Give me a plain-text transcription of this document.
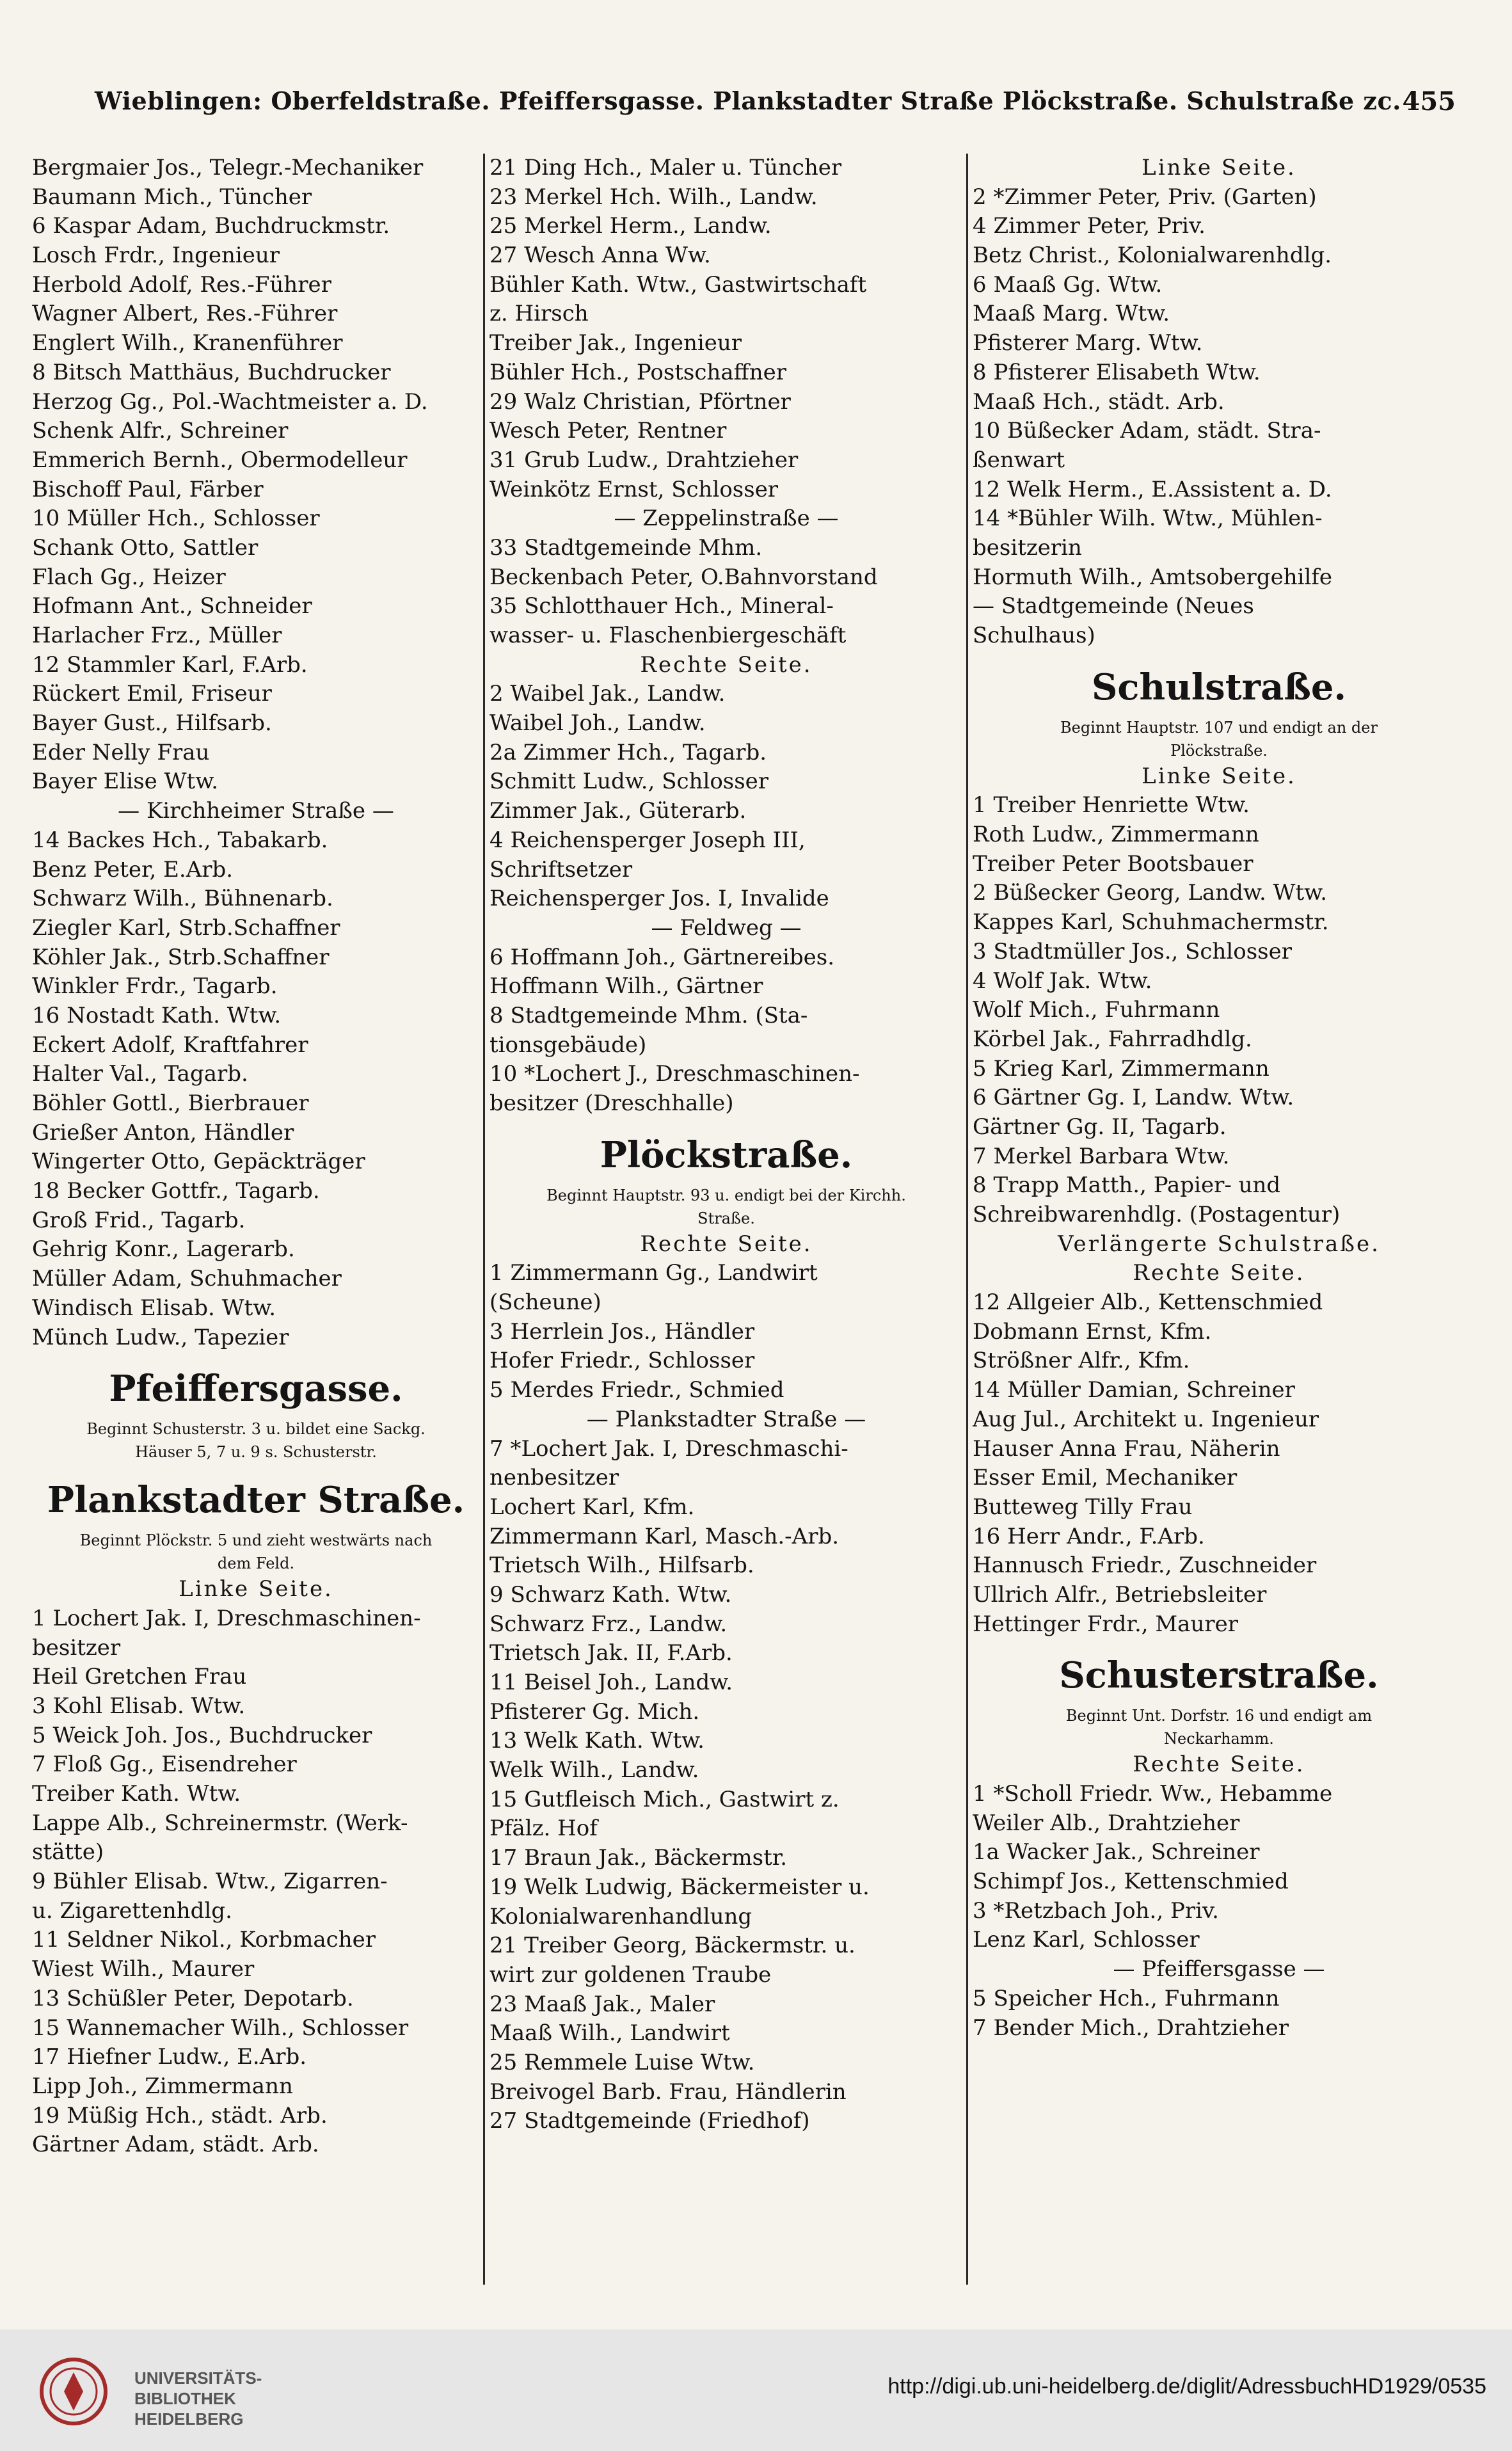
Wieblingen: Oberfeldstraße. Pfeiffersgasse. Plankstadter Straße Plöckstraße. Schulstraße zc. 455
Bergmaier Jos., Telegr.-Mechaniker
Baumann Mich., Tüncher
6 Kaspar Adam, Buchdruckmstr.
Losch Frdr., Ingenieur
Herbold Adolf, Res.-Führer
Wagner Albert, Res.-Führer
Englert Wilh., Kranenführer
8 Bitsch Matthäus, Buchdrucker
Herzog Gg., Pol.-Wachtmeister a. D.
Schenk Alfr., Schreiner
Emmerich Bernh., Obermodelleur
Bischoff Paul, Färber
10 Müller Hch., Schlosser
Schank Otto, Sattler
Flach Gg., Heizer
Hofmann Ant., Schneider
Harlacher Frz., Müller
12 Stammler Karl, F.Arb.
Rückert Emil, Friseur
Bayer Gust., Hilfsarb.
Eder Nelly Frau
Bayer Elise Wtw.
— Kirchheimer Straße —
14 Backes Hch., Tabakarb.
Benz Peter, E.Arb.
Schwarz Wilh., Bühnenarb.
Ziegler Karl, Strb.Schaffner
Köhler Jak., Strb.Schaffner
Winkler Frdr., Tagarb.
16 Nostadt Kath. Wtw.
Eckert Adolf, Kraftfahrer
Halter Val., Tagarb.
Böhler Gottl., Bierbrauer
Grießer Anton, Händler
Wingerter Otto, Gepäckträger
18 Becker Gottfr., Tagarb.
Groß Frid., Tagarb.
Gehrig Konr., Lagerarb.
Müller Adam, Schuhmacher
Windisch Elisab. Wtw.
Münch Ludw., Tapezier
Pfeiffersgasse.
Beginnt Schusterstr. 3 u. bildet eine Sackg.
Häuser 5, 7 u. 9 s. Schusterstr.
Plankstadter Straße.
Beginnt Plöckstr. 5 und zieht westwärts nach
dem Feld.
Linke Seite.
1 Lochert Jak. I, Dreschmaschinen-
besitzer
Heil Gretchen Frau
3 Kohl Elisab. Wtw.
5 Weick Joh. Jos., Buchdrucker
7 Floß Gg., Eisendreher
Treiber Kath. Wtw.
Lappe Alb., Schreinermstr. (Werk-
stätte)
9 Bühler Elisab. Wtw., Zigarren-
u. Zigarettenhdlg.
11 Seldner Nikol., Korbmacher
Wiest Wilh., Maurer
13 Schüßler Peter, Depotarb.
15 Wannemacher Wilh., Schlosser
17 Hiefner Ludw., E.Arb.
Lipp Joh., Zimmermann
19 Müßig Hch., städt. Arb.
Gärtner Adam, städt. Arb.
21 Ding Hch., Maler u. Tüncher
23 Merkel Hch. Wilh., Landw.
25 Merkel Herm., Landw.
27 Wesch Anna Ww.
Bühler Kath. Wtw., Gastwirtschaft
z. Hirsch
Treiber Jak., Ingenieur
Bühler Hch., Postschaffner
29 Walz Christian, Pförtner
Wesch Peter, Rentner
31 Grub Ludw., Drahtzieher
Weinkötz Ernst, Schlosser
— Zeppelinstraße —
33 Stadtgemeinde Mhm.
Beckenbach Peter, O.Bahnvorstand
35 Schlotthauer Hch., Mineral-
wasser- u. Flaschenbiergeschäft
Rechte Seite.
2 Waibel Jak., Landw.
Waibel Joh., Landw.
2a Zimmer Hch., Tagarb.
Schmitt Ludw., Schlosser
Zimmer Jak., Güterarb.
4 Reichensperger Joseph III,
Schriftsetzer
Reichensperger Jos. I, Invalide
— Feldweg —
6 Hoffmann Joh., Gärtnereibes.
Hoffmann Wilh., Gärtner
8 Stadtgemeinde Mhm. (Sta-
tionsgebäude)
10 *Lochert J., Dreschmaschinen-
besitzer (Dreschhalle)
Plöckstraße.
Beginnt Hauptstr. 93 u. endigt bei der Kirchh.
Straße.
Rechte Seite.
1 Zimmermann Gg., Landwirt
(Scheune)
3 Herrlein Jos., Händler
Hofer Friedr., Schlosser
5 Merdes Friedr., Schmied
— Plankstadter Straße —
7 *Lochert Jak. I, Dreschmaschi-
nenbesitzer
Lochert Karl, Kfm.
Zimmermann Karl, Masch.-Arb.
Trietsch Wilh., Hilfsarb.
9 Schwarz Kath. Wtw.
Schwarz Frz., Landw.
Trietsch Jak. II, F.Arb.
11 Beisel Joh., Landw.
Pfisterer Gg. Mich.
13 Welk Kath. Wtw.
Welk Wilh., Landw.
15 Gutfleisch Mich., Gastwirt z.
Pfälz. Hof
17 Braun Jak., Bäckermstr.
19 Welk Ludwig, Bäckermeister u.
Kolonialwarenhandlung
21 Treiber Georg, Bäckermstr. u.
wirt zur goldenen Traube
23 Maaß Jak., Maler
Maaß Wilh., Landwirt
25 Remmele Luise Wtw.
Breivogel Barb. Frau, Händlerin
27 Stadtgemeinde (Friedhof)
Linke Seite.
2 *Zimmer Peter, Priv. (Garten)
4 Zimmer Peter, Priv.
Betz Christ., Kolonialwarenhdlg.
6 Maaß Gg. Wtw.
Maaß Marg. Wtw.
Pfisterer Marg. Wtw.
8 Pfisterer Elisabeth Wtw.
Maaß Hch., städt. Arb.
10 Büßecker Adam, städt. Stra-
ßenwart
12 Welk Herm., E.Assistent a. D.
14 *Bühler Wilh. Wtw., Mühlen-
besitzerin
Hormuth Wilh., Amtsobergehilfe
— Stadtgemeinde (Neues
Schulhaus)
Schulstraße.
Beginnt Hauptstr. 107 und endigt an der
Plöckstraße.
Linke Seite.
1 Treiber Henriette Wtw.
Roth Ludw., Zimmermann
Treiber Peter Bootsbauer
2 Büßecker Georg, Landw. Wtw.
Kappes Karl, Schuhmachermstr.
3 Stadtmüller Jos., Schlosser
4 Wolf Jak. Wtw.
Wolf Mich., Fuhrmann
Körbel Jak., Fahrradhdlg.
5 Krieg Karl, Zimmermann
6 Gärtner Gg. I, Landw. Wtw.
Gärtner Gg. II, Tagarb.
7 Merkel Barbara Wtw.
8 Trapp Matth., Papier- und
Schreibwarenhdlg. (Postagentur)
Verlängerte Schulstraße.
Rechte Seite.
12 Allgeier Alb., Kettenschmied
Dobmann Ernst, Kfm.
Strößner Alfr., Kfm.
14 Müller Damian, Schreiner
Aug Jul., Architekt u. Ingenieur
Hauser Anna Frau, Näherin
Esser Emil, Mechaniker
Butteweg Tilly Frau
16 Herr Andr., F.Arb.
Hannusch Friedr., Zuschneider
Ullrich Alfr., Betriebsleiter
Hettinger Frdr., Maurer
Schusterstraße.
Beginnt Unt. Dorfstr. 16 und endigt am
Neckarhamm.
Rechte Seite.
1 *Scholl Friedr. Ww., Hebamme
Weiler Alb., Drahtzieher
1a Wacker Jak., Schreiner
Schimpf Jos., Kettenschmied
3 *Retzbach Joh., Priv.
Lenz Karl, Schlosser
— Pfeiffersgasse —
5 Speicher Hch., Fuhrmann
7 Bender Mich., Drahtzieher
UNIVERSITÄTS-
BIBLIOTHEK
HEIDELBERG
http://digi.ub.uni-heidelberg.de/diglit/AdressbuchHD1929/0535
